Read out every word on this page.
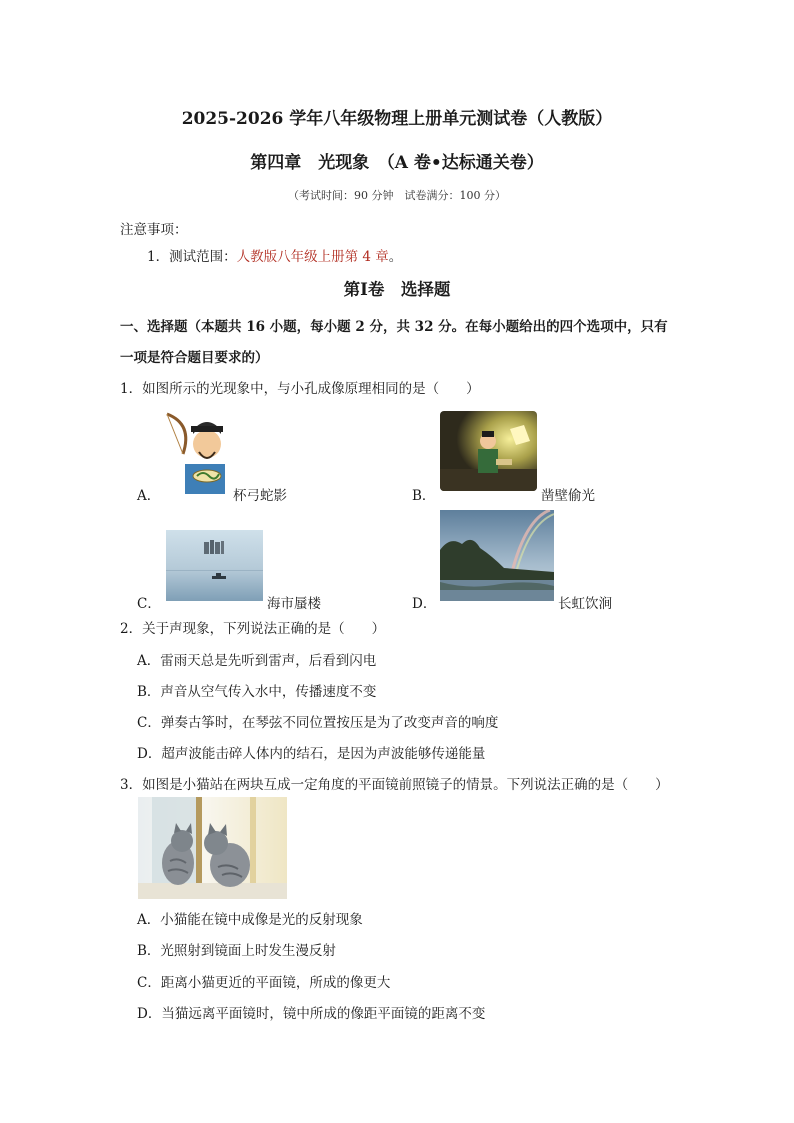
2025-2026 学年八年级物理上册单元测试卷（人教版）
第四章　光现象　（A 卷•达标通关卷）
（考试时间：90 分钟　试卷满分：100 分）
注意事项：
1．测试范围：人教版八年级上册第 4 章。
第Ⅰ卷　选择题
一、选择题（本题共 16 小题，每小题 2 分，共 32 分。在每小题给出的四个选项中，只有
一项是符合题目要求的）
1．如图所示的光现象中，与小孔成像原理相同的是（　　）
A．	杯弓蛇影	B．	凿壁偷光
C．	海市蜃楼	D．	长虹饮涧
2．关于声现象，下列说法正确的是（　　）
A．雷雨天总是先听到雷声，后看到闪电
B．声音从空气传入水中，传播速度不变
C．弹奏古筝时，在琴弦不同位置按压是为了改变声音的响度
D．超声波能击碎人体内的结石，是因为声波能够传递能量
3．如图是小猫站在两块互成一定角度的平面镜前照镜子的情景。下列说法正确的是（　　）
A．小猫能在镜中成像是光的反射现象
B．光照射到镜面上时发生漫反射
C．距离小猫更近的平面镜，所成的像更大
D．当猫远离平面镜时，镜中所成的像距平面镜的距离不变
